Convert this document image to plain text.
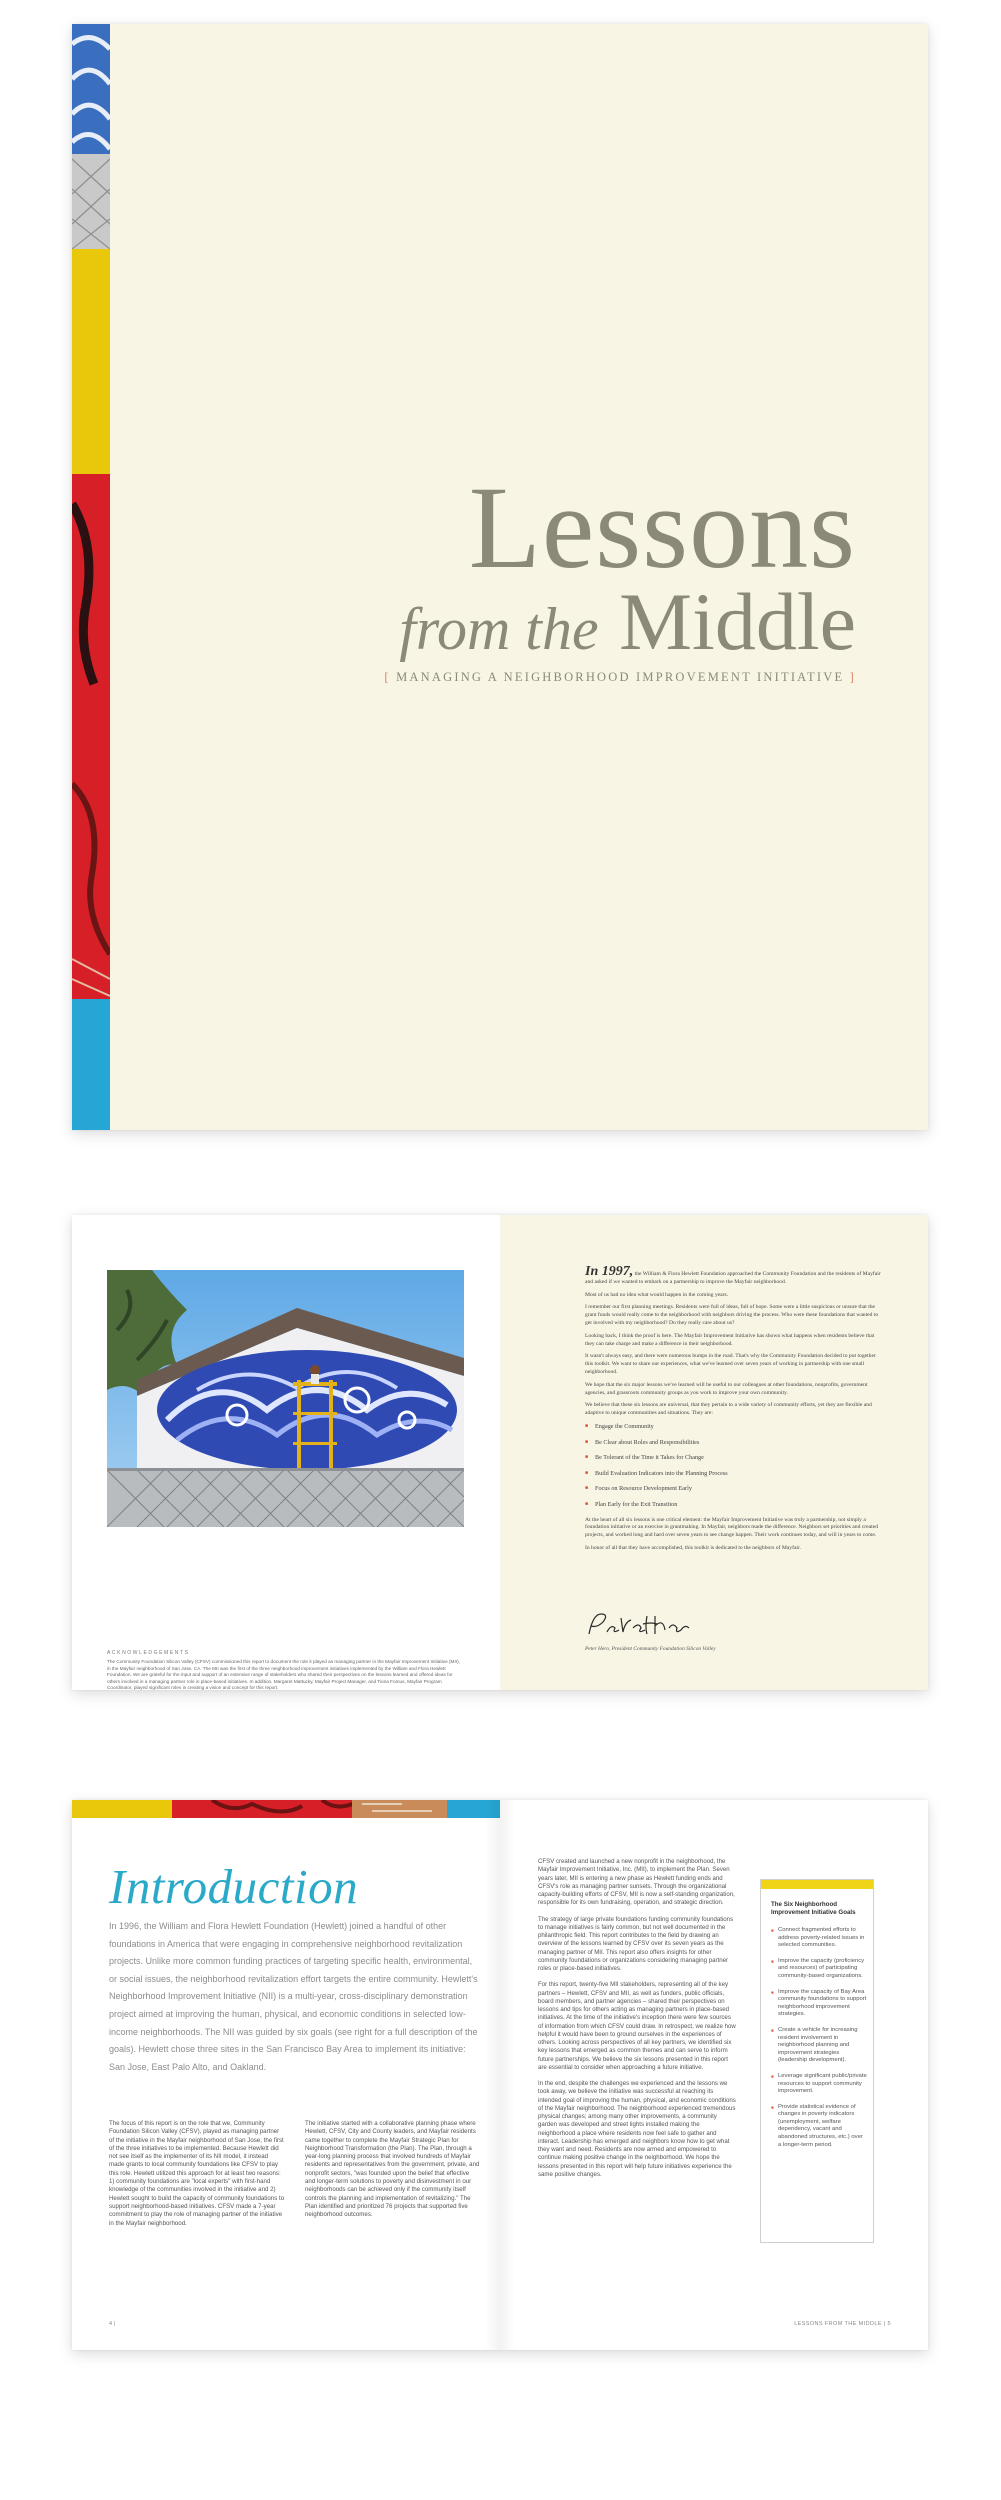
Lessons
from the Middle
[ MANAGING A NEIGHBORHOOD IMPROVEMENT INITIATIVE ]
ACKNOWLEDGEMENTS
The Community Foundation Silicon Valley (CFSV) commissioned this report to document the role it played as managing partner in the Mayfair Improvement Initiative (MII), in the Mayfair neighborhood of San Jose, CA. The MII was the first of the three neighborhood improvement initiatives implemented by the William and Flora Hewlett Foundation. We are grateful for the input and support of an extensive range of stakeholders who shared their perspectives on the lessons learned and offered ideas for others involved in a managing partner role in place-based initiatives. In addition, Margaret Mattucky, Mayfair Project Manager, and Tiona Fomus, Mayfair Program Coordinator, played significant roles in creating a vision and concept for this report.

In 1997, the William & Flora Hewlett Foundation approached the Community Foundation and the residents of Mayfair and asked if we wanted to embark on a partnership to improve the Mayfair neighborhood.

Most of us had no idea what would happen in the coming years.

I remember our first planning meetings. Residents were full of ideas, full of hope. Some were a little suspicious or unsure that the grant funds would really come to the neighborhood with neighbors driving the process. Who were these foundations that wanted to get involved with my neighborhood? Do they really care about us?

Looking back, I think the proof is here. The Mayfair Improvement Initiative has shown what happens when residents believe that they can take charge and make a difference in their neighborhood.

It wasn't always easy, and there were numerous bumps in the road. That's why the Community Foundation decided to put together this toolkit. We want to share our experiences, what we've learned over seven years of working in partnership with one small neighborhood.

We hope that the six major lessons we've learned will be useful to our colleagues at other foundations, nonprofits, government agencies, and grassroots community groups as you work to improve your own community.

We believe that these six lessons are universal, that they pertain to a wide variety of community efforts, yet they are flexible and adaptive to unique communities and situations. They are:

■ Engage the Community
■ Be Clear about Roles and Responsibilities
■ Be Tolerant of the Time it Takes for Change
■ Build Evaluation Indicators into the Planning Process
■ Focus on Resource Development Early
■ Plan Early for the Exit Transition

At the heart of all six lessons is one critical element: the Mayfair Improvement Initiative was truly a partnership, not simply a foundation initiative or an exercise in grantmaking. In Mayfair, neighbors made the difference. Neighbors set priorities and created projects, and worked long and hard over seven years to see change happen. Their work continues today, and will in years to come.

In honor of all that they have accomplished, this toolkit is dedicated to the neighbors of Mayfair.

Peter Hero, President Community Foundation Silicon Valley
Introduction
In 1996, the William and Flora Hewlett Foundation (Hewlett) joined a handful of other foundations in America that were engaging in comprehensive neighborhood revitalization projects. Unlike more common funding practices of targeting specific health, environmental, or social issues, the neighborhood revitalization effort targets the entire community. Hewlett's Neighborhood Improvement Initiative (NII) is a multi-year, cross-disciplinary demonstration project aimed at improving the human, physical, and economic conditions in selected low-income neighborhoods. The NII was guided by six goals (see right for a full description of the goals). Hewlett chose three sites in the San Francisco Bay Area to implement its initiative: San Jose, East Palo Alto, and Oakland.
The focus of this report is on the role that we, Community Foundation Silicon Valley (CFSV), played as managing partner of the initiative in the Mayfair neighborhood of San Jose, the first of the three initiatives to be implemented. Because Hewlett did not see itself as the implementer of its NII model, it instead made grants to local community foundations like CFSV to play this role. Hewlett utilized this approach for at least two reasons: 1) community foundations are "local experts" with first-hand knowledge of the communities involved in the initiative and 2) Hewlett sought to build the capacity of community foundations to support neighborhood-based initiatives. CFSV made a 7-year commitment to play the role of managing partner of the initiative in the Mayfair neighborhood.
The initiative started with a collaborative planning phase where Hewlett, CFSV, City and County leaders, and Mayfair residents came together to complete the Mayfair Strategic Plan for Neighborhood Transformation (the Plan). The Plan, through a year-long planning process that involved hundreds of Mayfair residents and representatives from the government, private, and nonprofit sectors, "was founded upon the belief that effective and longer-term solutions to poverty and disinvestment in our neighborhoods can be achieved only if the community itself controls the planning and implementation of revitalizing." The Plan identified and prioritized 76 projects that supported five neighborhood outcomes.

CFSV created and launched a new nonprofit in the neighborhood, the Mayfair Improvement Initiative, Inc. (MII), to implement the Plan. Seven years later, MII is entering a new phase as Hewlett funding ends and CFSV's role as managing partner sunsets. Through the organizational capacity-building efforts of CFSV, MII is now a self-standing organization, responsible for its own fundraising, operation, and strategic direction.

The strategy of large private foundations funding community foundations to manage initiatives is fairly common, but not well documented in the philanthropic field. This report contributes to the field by drawing an overview of the lessons learned by CFSV over its seven years as the managing partner of MII. This report also offers insights for other community foundations or organizations considering managing partner roles or place-based initiatives.

For this report, twenty-five MII stakeholders, representing all of the key partners – Hewlett, CFSV and MII, as well as funders, public officials, board members, and partner agencies – shared their perspectives on lessons and tips for others acting as managing partners in place-based initiatives. At the time of the initiative's inception there were few sources of information from which CFSV could draw. In retrospect, we realize how helpful it would have been to ground ourselves in the experiences of others. Looking across perspectives of all key partners, we identified six key lessons that emerged as common themes and can serve to inform future partnerships. We believe the six lessons presented in this report are essential to consider when approaching a future initiative.

In the end, despite the challenges we experienced and the lessons we took away, we believe the initiative was successful at reaching its intended goal of improving the human, physical, and economic conditions of the Mayfair neighborhood. The neighborhood experienced tremendous physical changes; among many other improvements, a community garden was developed and street lights installed making the neighborhood a place where residents now feel safe to gather and interact. Leadership has emerged and neighbors know how to get what they want and need. Residents are now armed and empowered to continue making positive change in the neighborhood. We hope the lessons presented in this report will help future initiatives experience the same positive changes.

The Six Neighborhood Improvement Initiative Goals
■ Connect fragmented efforts to address poverty-related issues in selected communities.
■ Improve the capacity (proficiency and resources) of participating community-based organizations.
■ Improve the capacity of Bay Area community foundations to support neighborhood improvement strategies.
■ Create a vehicle for increasing resident involvement in neighborhood planning and improvement strategies (leadership development).
■ Leverage significant public/private resources to support community improvement.
■ Provide statistical evidence of changes in poverty indicators (unemployment, welfare dependency, vacant and abandoned structures, etc.) over a longer-term period.
4 |	LESSONS FROM THE MIDDLE | 5
